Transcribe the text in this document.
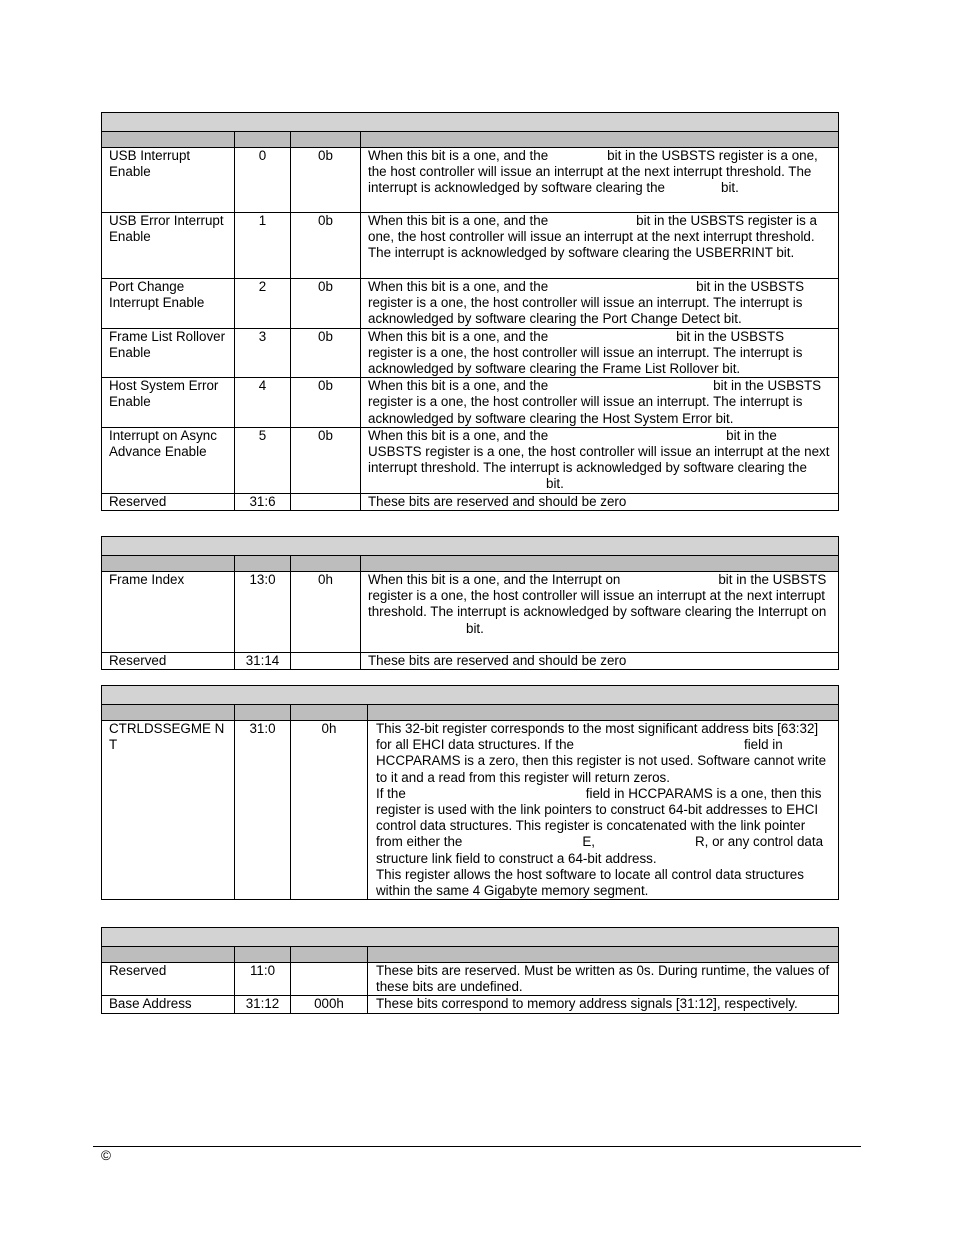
USB Interrupt Enable	0	0b	When this bit is a one, and the bit in the USBSTS register is a one, the host controller will issue an interrupt at the next interrupt threshold. The interrupt is acknowledged by software clearing the bit.
USB Error Interrupt Enable	1	0b	When this bit is a one, and the bit in the USBSTS register is a one, the host controller will issue an interrupt at the next interrupt threshold. The interrupt is acknowledged by software clearing the USBERRINT bit.
Port Change Interrupt Enable	2	0b	When this bit is a one, and the bit in the USBSTS register is a one, the host controller will issue an interrupt. The interrupt is acknowledged by software clearing the Port Change Detect bit.
Frame List Rollover Enable	3	0b	When this bit is a one, and the bit in the USBSTS register is a one, the host controller will issue an interrupt. The interrupt is acknowledged by software clearing the Frame List Rollover bit.
Host System Error Enable	4	0b	When this bit is a one, and the bit in the USBSTS register is a one, the host controller will issue an interrupt. The interrupt is acknowledged by software clearing the Host System Error bit.
Interrupt on Async Advance Enable	5	0b	When this bit is a one, and the bit in the USBSTS register is a one, the host controller will issue an interrupt at the next interrupt threshold. The interrupt is acknowledged by software clearing thebit.
Reserved	31:6		These bits are reserved and should be zero

Frame Index	13:0	0h	When this bit is a one, and the Interrupt on bit in the USBSTS register is a one, the host controller will issue an interrupt at the next interrupt threshold. The interrupt is acknowledged by software clearing the Interrupt onbit.
Reserved	31:14		These bits are reserved and should be zero

CTRLDSSEGME NT	31:0	0h	This 32-bit register corresponds to the most significant address bits [63:32] for all EHCI data structures. If the field in HCCPARAMS is a zero, then this register is not used. Software cannot write to it and a read from this register will return zeros.
If the field in HCCPARAMS is a one, then this register is used with the link pointers to construct 64-bit addresses to EHCI control data structures. This register is concatenated with the link pointer from either the E, R, or any control data structure link field to construct a 64-bit address.
This register allows the host software to locate all control data structures within the same 4 Gigabyte memory segment.

Reserved	11:0		These bits are reserved. Must be written as 0s. During runtime, the values of these bits are undefined.
Base Address	31:12	000h	These bits correspond to memory address signals [31:12], respectively.
©
